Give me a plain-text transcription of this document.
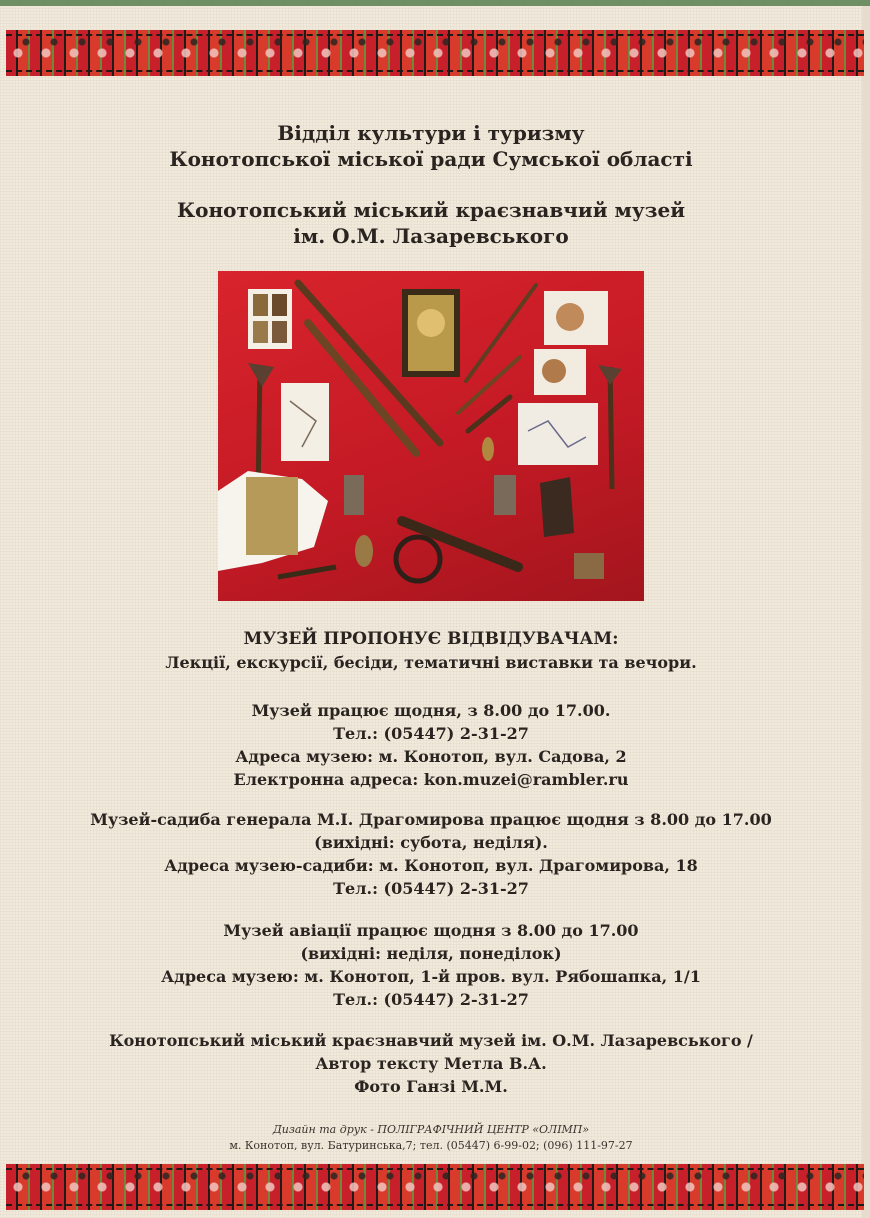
Відділ культури і туризму
Конотопської міської ради Сумської області
Конотопський міський краєзнавчий музей
ім. О.М. Лазаревського
МУЗЕЙ ПРОПОНУЄ ВІДВІДУВАЧАМ:
Лекції, екскурсії, бесіди, тематичні виставки та вечори.
Музей працює щодня, з 8.00 до 17.00.
Тел.: (05447) 2-31-27
Адреса музею: м. Конотоп, вул. Садова, 2
Електронна адреса: kon.muzei@rambler.ru
Музей-садиба генерала М.І. Драгомирова працює щодня з 8.00 до 17.00
(вихідні: субота, неділя).
Адреса музею-садиби: м. Конотоп, вул. Драгомирова, 18
Тел.: (05447) 2-31-27
Музей авіації працює щодня з 8.00 до 17.00
(вихідні: неділя, понеділок)
Адреса музею: м. Конотоп, 1-й пров. вул. Рябошапка, 1/1
Тел.: (05447) 2-31-27
Конотопський міський краєзнавчий музей ім. О.М. Лазаревського /
Автор тексту Метла В.А.
Фото Ганзі М.М.
Дизайн та друк - ПОЛІГРАФІЧНИЙ ЦЕНТР «ОЛІМП»
м. Конотоп, вул. Батуринська,7; тел. (05447) 6-99-02; (096) 111-97-27
